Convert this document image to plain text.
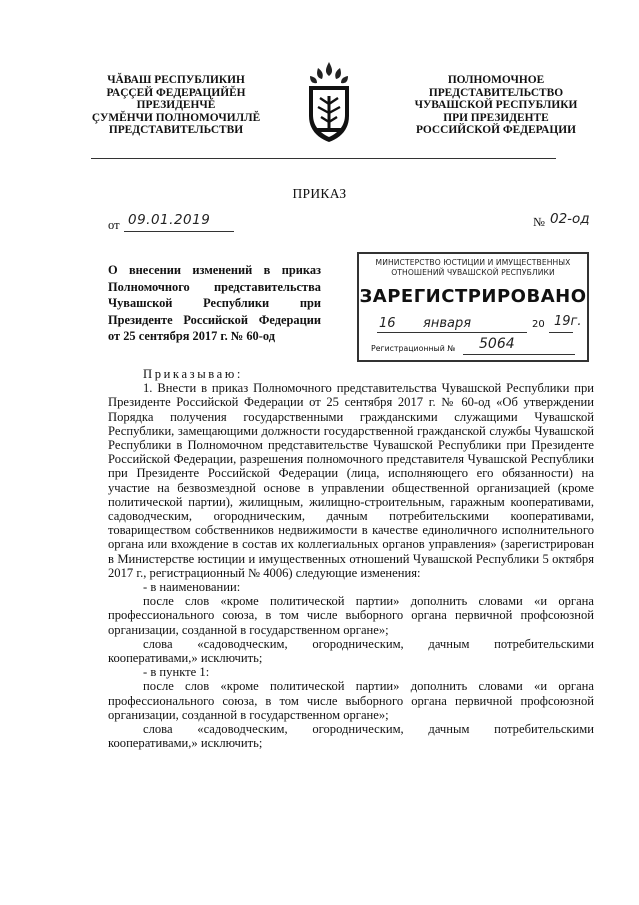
ЧĂВАШ РЕСПУБЛИКИН
РАÇÇЕЙ ФЕДЕРАЦИЙĔН
ПРЕЗИДЕНЧĔ
ÇУМĔНЧИ ПОЛНОМОЧИЛЛĔ
ПРЕДСТАВИТЕЛЬСТВИ
ПОЛНОМОЧНОЕ
ПРЕДСТАВИТЕЛЬСТВО
ЧУВАШСКОЙ РЕСПУБЛИКИ
ПРИ ПРЕЗИДЕНТЕ
РОССИЙСКОЙ ФЕДЕРАЦИИ
ПРИКАЗ
от 09.01.2019	№ 02-од
О внесении изменений в приказ
Полномочного представительства
Чувашской Республики при
Президенте Российской Федерации
от 25 сентября 2017 г. № 60-од
МИНИСТЕРСТВО ЮСТИЦИИ И ИМУЩЕСТВЕННЫХ
ОТНОШЕНИЙ ЧУВАШСКОЙ РЕСПУБЛИКИ
ЗАРЕГИСТРИРОВАНО
16 января	20 19г.
Регистрационный № 5064

Приказываю:

1. Внести в приказ Полномочного представительства Чувашской Республики при Президенте Российской Федерации от 25 сентября 2017 г. № 60-од «Об утверждении Порядка получения государственными гражданскими служащими Чувашской Республики, замещающими должности государственной гражданской службы Чувашской Республики в Полномочном представительстве Чувашской Республики при Президенте Российской Федерации, разрешения полномочного представителя Чувашской Республики при Президенте Российской Федерации (лица, исполняющего его обязанности) на участие на безвозмездной основе в управлении общественной организацией (кроме политической партии), жилищным, жилищно-строительным, гаражным кооперативами, садоводческим, огородническим, дачным потребительскими кооперативами, товариществом собственников недвижимости в качестве единоличного исполнительного органа или вхождение в состав их коллегиальных органов управления» (зарегистрирован в Министерстве юстиции и имущественных отношений Чувашской Республики 5 октября 2017 г., регистрационный № 4006) следующие изменения:

- в наименовании:

после слов «кроме политической партии» дополнить словами «и органа профессионального союза, в том числе выборного органа первичной профсоюзной организации, созданной в государственном органе»;

слова «садоводческим, огородническим, дачным потребительскими кооперативами,» исключить;

- в пункте 1:

после слов «кроме политической партии» дополнить словами «и органа профессионального союза, в том числе выборного органа первичной профсоюзной организации, созданной в государственном органе»;

слова «садоводческим, огородническим, дачным потребительскими кооперативами,» исключить;
